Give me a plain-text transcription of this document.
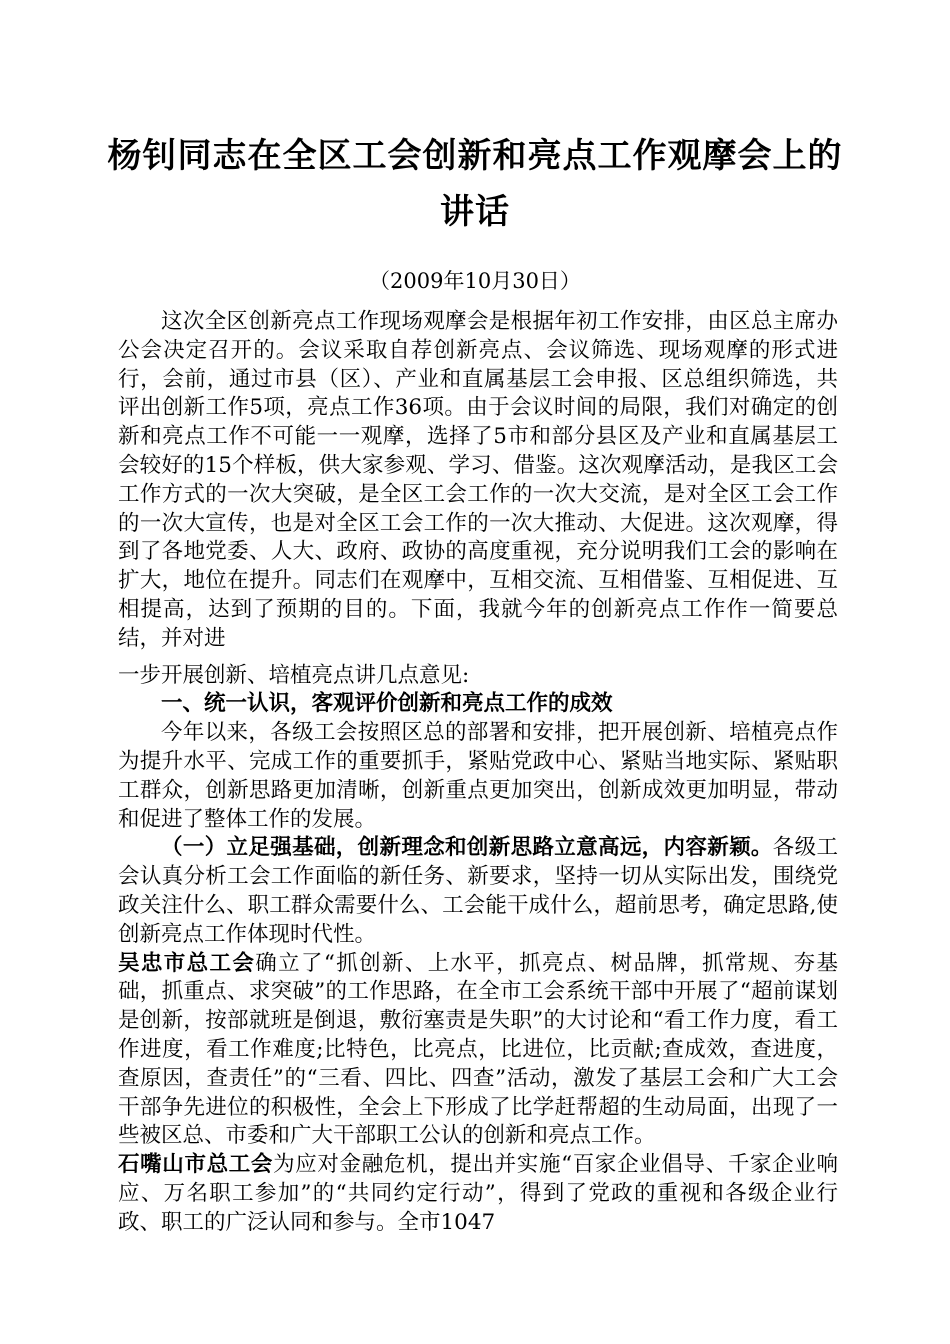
杨钊同志在全区工会创新和亮点工作观摩会上的讲话
（2009年10月30日）

这次全区创新亮点工作现场观摩会是根据年初工作安排，由区总主席办公会决定召开的。会议采取自荐创新亮点、会议筛选、现场观摩的形式进行，会前，通过市县（区）、产业和直属基层工会申报、区总组织筛选，共评出创新工作5项，亮点工作36项。由于会议时间的局限，我们对确定的创新和亮点工作不可能一一观摩，选择了5市和部分县区及产业和直属基层工会较好的15个样板，供大家参观、学习、借鉴。这次观摩活动，是我区工会工作方式的一次大突破，是全区工会工作的一次大交流，是对全区工会工作的一次大宣传，也是对全区工会工作的一次大推动、大促进。这次观摩，得到了各地党委、人大、政府、政协的高度重视，充分说明我们工会的影响在扩大，地位在提升。同志们在观摩中，互相交流、互相借鉴、互相促进、互相提高，达到了预期的目的。下面，我就今年的创新亮点工作作一简要总结，并对进

一步开展创新、培植亮点讲几点意见:

一、统一认识，客观评价创新和亮点工作的成效

今年以来，各级工会按照区总的部署和安排，把开展创新、培植亮点作为提升水平、完成工作的重要抓手，紧贴党政中心、紧贴当地实际、紧贴职工群众，创新思路更加清晰，创新重点更加突出，创新成效更加明显，带动和促进了整体工作的发展。

（一）立足强基础，创新理念和创新思路立意高远，内容新颖。各级工会认真分析工会工作面临的新任务、新要求，坚持一切从实际出发，围绕党政关注什么、职工群众需要什么、工会能干成什么，超前思考，确定思路,使创新亮点工作体现时代性。

吴忠市总工会确立了“抓创新、上水平，抓亮点、树品牌，抓常规、夯基础，抓重点、求突破”的工作思路，在全市工会系统干部中开展了“超前谋划是创新，按部就班是倒退，敷衍塞责是失职”的大讨论和“看工作力度，看工作进度，看工作难度;比特色，比亮点，比进位，比贡献;查成效，查进度，查原因，查责任”的“三看、四比、四查”活动，激发了基层工会和广大工会干部争先进位的积极性，全会上下形成了比学赶帮超的生动局面，出现了一些被区总、市委和广大干部职工公认的创新和亮点工作。

石嘴山市总工会为应对金融危机，提出并实施“百家企业倡导、千家企业响应、万名职工参加”的“共同约定行动”，得到了党政的重视和各级企业行政、职工的广泛认同和参与。全市1047
